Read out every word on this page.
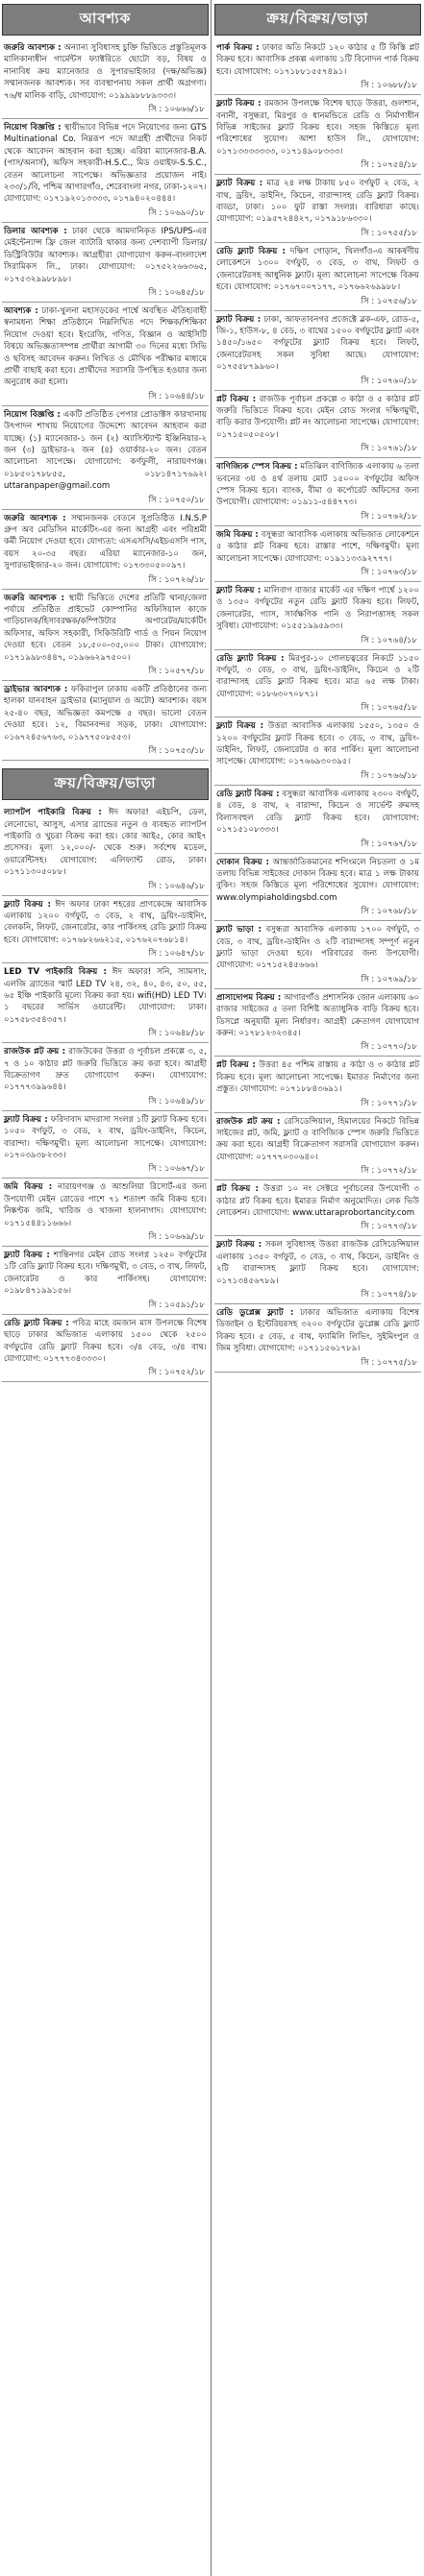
আবশ্যক
জরুরি আবশ্যক : অন্যান্য সুবিধাসহ চুক্তি ভিত্তিতে প্রস্তুতিমূলক মালিকানাধীন গার্মেন্টস ফ্যাক্টরিতে ছোটো বড়, বিষয় ও নানাবিধ ক্রয় ম্যানেজার ও সুপারভাইজার (দক্ষ/অভিজ্ঞ) সম্মানজনক আবশ্যক। সব ব্যবস্থাপনায় সকল প্রার্থী অগ্রগণ্য। ৭৬/ধ মালিক বাড়ি, যোগাযোগ: ০১৯৯৯৮৮৮৯৩৩৩।
সি : ১০৬৬৬/১৮
নিয়োগ বিজ্ঞপ্তি : স্থায়ীভাবে বিভিন্ন পদে নিয়োগের জন্য GTS Multinational Co. নিম্নরূপ পদে আগ্রহী প্রার্থীদের নিকট থেকে আবেদন আহবান করা হচ্ছে। এরিয়া ম্যানেজার-B.A. (পাস/অনার্স), অফিস সহকারী-H.S.C., মিড ওয়াইফ-S.S.C., বেতন আলোচনা সাপেক্ষে। অভিজ্ঞতার প্রয়োজন নাই। ২৩৩/১/বি, পশ্চিম আগারগাঁও, শেরেবাংলা নগর, ঢাকা-১২০৭। যোগাযোগ: ০১৭১৯২০১৩৩৩৩, ০১৭৯৪০২০৪৪৪।
সি : ১০৬৯০/১৮
ডিলার আবশ্যক : ঢাকা থেকে আমদানিকৃত IPS/UPS-এর মেইন্টেন্যান্স ফ্রি জেল ব্যাটারি থাকার জন্য দেশব্যাপী ডিলার/ডিস্ট্রিবিউটর আবশ্যক। আগ্রহীরা যোগাযোগ করুন-বাংলাদেশ সিরামিকস লি., ঢাকা। যোগাযোগ: ০১৭৫২২৬৬৩৬৫, ০১৭৫৩২৯৯৮৮৯৮।
সি : ১০৬৪৫/১৮
আবশ্যক : ঢাকা-খুলনা মহাসড়কের পার্শ্বে অবস্থিত ঐতিহ্যবাহী স্বনামধন্য শিক্ষা প্রতিষ্ঠানে নিম্নলিখিত পদে শিক্ষক/শিক্ষিকা নিয়োগ দেওয়া হবে। ইংরেজি, গণিত, বিজ্ঞান ও আইসিটি বিষয়ে অভিজ্ঞতাসম্পন্ন প্রার্থীরা আগামী ৩০ দিনের মধ্যে সিভি ও ছবিসহ আবেদন করুন। লিখিত ও মৌখিক পরীক্ষার মাধ্যমে প্রার্থী বাছাই করা হবে। প্রার্থীদের সরাসরি উপস্থিত হওয়ার জন্য অনুরোধ করা হলো।
সি : ১০৬৪৪/১৮
নিয়োগ বিজ্ঞপ্তি : একটি প্রতিষ্ঠিত পেপার প্রোডাক্টস কারখানায় উৎপাদন শাখায় নিয়োগের উদ্দেশ্যে আবেদন আহবান করা যাচ্ছে। (১) ম্যানেজার-১ জন (২) অ্যাসিস্ট্যান্ট ইঞ্জিনিয়ার-২ জন (৩) ড্রাইভার-২ জন (৪) ওয়ার্কার-২০ জন। বেতন আলোচনা সাপেক্ষে। যোগাযোগ: কর্ণফুলী, নারায়ণগঞ্জ। ০১৮৫০১৭৮৮৫৫, ০১৮১৪৭১৭৬৯২। uttaranpaper@gmail.com
সি : ১০৭৫০/১৮
জরুরি আবশ্যক : সম্মানজনক বেতনে সুপ্রতিষ্ঠিত I.N.S.P গ্রুপ অব মেডিসিন মার্কেটিং-এর জন্য আগ্রহী এবং পরিশ্রমী কর্মী নিয়োগ দেওয়া হবে। যোগ্যতা: এসএসসি/এইচএসসি পাস, বয়স ২০-৩৫ বছর। এরিয়া ম্যানেজার-১০ জন, সুপারভাইজার-২০ জন। যোগাযোগ: ০১৭৩৩০৫০০৯৭।
সি : ১০৭২৬/১৮
জরুরি আবশ্যক : স্থায়ী ভিত্তিতে দেশের প্রতিটি থানা/জেলা পর্যায়ে প্রতিষ্ঠিত প্রাইভেট কোম্পানির অফিসিয়াল কাজে গাড়িচালক/হিসাবরক্ষক/কম্পিউটার অপারেটর/মার্কেটিং অফিসার, অফিস সহকারী, সিকিউরিটি গার্ড ও পিয়ন নিয়োগ দেওয়া হবে। বেতন ১৮,৫০০-৩৫,০০০ টাকা। যোগাযোগ: ০১৭১৯৯৮৩৪৪৭, ০১৯৬৬২৯৭৫০০।
সি : ১০৫৭৭/১৮
ড্রাইভার আবশ্যক : ফকিরাপুল ঢাকায় একটি প্রতিষ্ঠানের জন্য হালকা যানবাহন ড্রাইভার (ম্যানুয়াল ও অটো) আবশ্যক। বয়স ২৫-৪০ বছর, অভিজ্ঞতা কমপক্ষে ৫ বছর। ভালো বেতন দেওয়া হবে। ১২, বিমানবন্দর সড়ক, ঢাকা। যোগাযোগ: ০১৬৭২৪৫৬৭৬৩, ০১৯৭৭৫০৮৫৫৩।
সি : ১০৭৫৩/১৮
ক্রয়/বিক্রয়/ভাড়া
ল্যাপটপ পাইকারি বিক্রয় : ঈদ অফার! এইচপি, ডেল, লেনোভো, আসুস, এসার ব্র্যান্ডের নতুন ও ব্যবহৃত ল্যাপটপ পাইকারি ও খুচরা বিক্রয় করা হয়। কোর আই৫, কোর আই৭ প্রসেসর। মূল্য ১২,০০০/- থেকে শুরু। সর্বশেষ মডেল, ওয়ারেন্টিসহ। যোগাযোগ: এলিফ্যান্ট রোড, ঢাকা। ০১৭১১৩০৫০৮৮।
সি : ১০৬৪৬/১৮
ফ্ল্যাট বিক্রয় : ঈদ অফার ঢাকা শহরের প্রাণকেন্দ্রে আবাসিক এলাকায় ১২০০ বর্গফুট, ৩ বেড, ২ বাথ, ড্রয়িং-ডাইনিং, বেলকনি, লিফট, জেনারেটর, কার পার্কিংসহ রেডি ফ্ল্যাট বিক্রয় হবে। যোগাযোগ: ০১৭৬৮২৬৬২১৫, ০১৭৬২০৭৬৮১৪।
সি : ১০৬৪৭/১৮
LED TV পাইকারি বিক্রয় : ঈদ অফার! সনি, স্যামসাং, এলজি ব্র্যান্ডের স্মার্ট LED TV ২৪, ৩২, ৪০, ৪৩, ৫০, ৫৫, ৬৫ ইঞ্চি পাইকারি মূল্যে বিক্রয় করা হয়। wifi(HD) LED TV। ১ বছরের সার্ভিস ওয়ারেন্টি। যোগাযোগ: ঢাকা। ০১৭৫৮৩৫৪৩৫৭।
সি : ১০৬৪৮/১৮
রাজউক প্লট ক্রয় : রাজউকের উত্তরা ও পূর্বাচল প্রকল্পে ৩, ৫, ৭ ও ১০ কাঠার প্লট জরুরি ভিত্তিতে ক্রয় করা হবে। আগ্রহী বিক্রেতাগণ দ্রুত যোগাযোগ করুন। যোগাযোগ: ০১৭৭৭৩৯৯৬৪৪।
সি : ১০৬৪৯/১৮
ফ্ল্যাট বিক্রয় : ফরিদাবাদ মাদরাসা সংলগ্ন ১টি ফ্ল্যাট বিক্রয় হবে। ১০৫০ বর্গফুট, ৩ বেড, ২ বাথ, ড্রয়িং-ডাইনিং, কিচেন, বারান্দা। দক্ষিণমুখী। মূল্য আলোচনা সাপেক্ষে। যোগাযোগ: ০১৭০৩৯৩৮২৩৩।
সি : ১০৬৬৭/১৮
জমি বিক্রয় : নারায়ণগঞ্জ ও আশুলিয়া রিসোর্ট-এর জন্য উপযোগী মেইন রোডের পাশে ৭১ শতাংশ জমি বিক্রয় হবে। নিষ্কণ্টক জমি, খারিজ ও খাজনা হালনাগাদ। যোগাযোগ: ০১৭১৫৪৪১১৬৬৬।
সি : ১০৬৬৯/১৮
ফ্ল্যাট বিক্রয় : শান্তিনগর মেইন রোড সংলগ্ন ১২৫০ বর্গফুটের ১টি রেডি ফ্ল্যাট বিক্রয় হবে। দক্ষিণমুখী, ৩ বেড, ৩ বাথ, লিফট, জেনারেটর ও কার পার্কিংসহ। যোগাযোগ: ০১৯৮৪৭১৯৯১৫৬।
সি : ১০৫৯১/১৮
রেডি ফ্ল্যাট বিক্রয় : পবিত্র মাহে রমজান মাস উপলক্ষে বিশেষ ছাড়ে ঢাকার অভিজাত এলাকায় ১৫০০ থেকে ২৫০০ বর্গফুটের রেডি ফ্ল্যাট বিক্রয় হবে। ৩/৪ বেড, ৩/৪ বাথ। যোগাযোগ: ০১৭৭৭৩৪৩৩৩০।
সি : ১০৭৫২/১৮
ক্রয়/বিক্রয়/ভাড়া
পার্ক বিক্রয় : ঢাকার অতি নিকটে ১২০ কাঠার ৫ টি কিস্তি প্লট বিক্রয় হবে। আবাসিক প্রকল্প এলাকায় ১টি বিনোদন পার্ক বিক্রয় হবে। যোগাযোগ: ০১৭১৮৮১৫৫৭৪৯১।
সি : ১০৬৮৮/১৮
ফ্ল্যাট বিক্রয় : রমজান উপলক্ষে বিশেষ ছাড়ে উত্তরা, গুলশান, বনানী, বসুন্ধরা, মিরপুর ও ধানমন্ডিতে রেডি ও নির্মাণাধীন বিভিন্ন সাইজের ফ্ল্যাট বিক্রয় হবে। সহজ কিস্তিতে মূল্য পরিশোধের সুযোগ। আশা হাউস লি., যোগাযোগ: ০১৭১৩৩৩৩৩৩৩, ০১৭১৪৯০৮৩৩৩।
সি : ১০৭৫৪/১৮
ফ্ল্যাট বিক্রয় : মাত্র ২৪ লক্ষ টাকায় ৮৫০ বর্গফুট ২ বেড, ২ বাথ, ড্রয়িং, ডাইনিং, কিচেন, বারান্দাসহ রেডি ফ্ল্যাট বিক্রয়। বাড্ডা, ঢাকা। ১০০ ফুট রাস্তা সংলগ্ন। বারিধারা কাছে। যোগাযোগ: ০১৯৫৭২৪৪২৭, ০১৭৯১৮৬৩৩০।
সি : ১০৭৫৫/১৮
রেডি ফ্ল্যাট বিক্রয় : দক্ষিণ গোড়ান, খিলগাঁও-এ আকর্ষণীয় লোকেশনে ১৩০০ বর্গফুট, ৩ বেড, ৩ বাথ, লিফট ও জেনারেটরসহ আধুনিক ফ্ল্যাট। মূল্য আলোচনা সাপেক্ষে বিক্রয় হবে। যোগাযোগ: ০১৭৬৭০০৭১৭৭, ০১৭৬৬২৬৯৯৮৮।
সি : ১০৭৫৬/১৮
ফ্ল্যাট বিক্রয় : ঢাকা, আফতাবনগর প্রজেক্টে ব্লক-এফ, রোড-৫, জি-১, হাউস-৮, ৪ বেড, ৩ বাথের ১৫০০ বর্গফুটের ফ্ল্যাট এবং ১৪৫০/১৬৫০ বর্গফুটের ফ্ল্যাট বিক্রয় হবে। লিফট, জেনারেটরসহ সকল সুবিধা আছে। যোগাযোগ: ০১৭৫৫৮৭৯৯৬০।
সি : ১০৭৬০/১৮
প্লট বিক্রয় : রাজউক পূর্বাচল প্রকল্পে ৩ কাঠা ও ৫ কাঠার প্লট জরুরি ভিত্তিতে বিক্রয় হবে। মেইন রোড সংলগ্ন দক্ষিণমুখী, বাড়ি করার উপযোগী। প্লট নং আলোচনা সাপেক্ষে। যোগাযোগ: ০১৭১৫০৫০৫০৮।
সি : ১০৭৬১/১৮
বাণিজ্যিক স্পেস বিক্রয় : মতিঝিল বাণিজ্যিক এলাকায় ৬ তলা ভবনের ৩য় ও ৪র্থ তলায় মোট ১৫০০০ বর্গফুটের অফিস স্পেস বিক্রয় হবে। ব্যাংক, বীমা ও কর্পোরেট অফিসের জন্য উপযোগী। যোগাযোগ: ০১৯১১-৫৪৪৭৭৩।
সি : ১০৭৬২/১৮
জমি বিক্রয় : বসুন্ধরা আবাসিক এলাকায় অভিজাত লোকেশনে ৫ কাঠার প্লট বিক্রয় হবে। রাস্তার পাশে, দক্ষিণমুখী। মূল্য আলোচনা সাপেক্ষে। যোগাযোগ: ০১৯১১৩৩৯২৭৭৭।
সি : ১০৭৬৩/১৮
ফ্ল্যাট বিক্রয় : মালিবাগ বাজার মার্কেট এর দক্ষিণ পার্শ্বে ১২০০ ও ১৩৫০ বর্গফুটের নতুন রেডি ফ্ল্যাট বিক্রয় হবে। লিফট, জেনারেটর, গ্যাস, সার্বক্ষণিক পানি ও নিরাপত্তাসহ সকল সুবিধা। যোগাযোগ: ০১৫৫১৯৯৫৯৩৩।
সি : ১০৭৬৪/১৮
রেডি ফ্ল্যাট বিক্রয় : মিরপুর-১০ গোলচত্বরের নিকটে ১১৫০ বর্গফুট, ৩ বেড, ৩ বাথ, ড্রয়িং-ডাইনিং, কিচেন ও ২টি বারান্দাসহ রেডি ফ্ল্যাট বিক্রয় হবে। মাত্র ৬৫ লক্ষ টাকা। যোগাযোগ: ০১৮৬৩০৭০৮৭১।
সি : ১০৭৬৫/১৮
ফ্ল্যাট বিক্রয় : উত্তরা আবাসিক এলাকায় ১৫৫০, ১৩৫০ ও ১২০০ বর্গফুটের ফ্ল্যাট বিক্রয় হবে। ৩ বেড, ৩ বাথ, ড্রয়িং-ডাইনিং, লিফট, জেনারেটর ও কার পার্কিং। মূল্য আলোচনা সাপেক্ষে। যোগাযোগ: ০১৭৬৬৯৩০৩৯৫।
সি : ১০৭৬৬/১৮
রেডি ফ্ল্যাট বিক্রয় : বসুন্ধরা আবাসিক এলাকায় ২৩০০ বর্গফুট, ৪ বেড, ৪ বাথ, ২ বারান্দা, কিচেন ও সার্ভেন্ট রুমসহ বিলাসবহুল রেডি ফ্ল্যাট বিক্রয় হবে। যোগাযোগ: ০১৭১৫১০৮৩৩৩।
সি : ১০৭৬৭/১৮
দোকান বিক্রয় : আন্তর্জাতিকমানের শপিংমলে নিচতলা ও ১ম তলায় বিভিন্ন সাইজের দোকান বিক্রয় হবে। মাত্র ১ লক্ষ টাকায় বুকিং। সহজ কিস্তিতে মূল্য পরিশোধের সুযোগ। যোগাযোগ: www.olympiaholdingsbd.com
সি : ১০৭৬৮/১৮
ফ্ল্যাট ভাড়া : বসুন্ধরা আবাসিক এলাকায় ১৭০০ বর্গফুট, ৩ বেড, ৩ বাথ, ড্রয়িং-ডাইনিং ও ২টি বারান্দাসহ সম্পূর্ণ নতুন ফ্ল্যাট ভাড়া দেওয়া হবে। পরিবারের জন্য উপযোগী। যোগাযোগ: ০১৭১৫২৪৫৬৬৬।
সি : ১০৭৬৯/১৮
প্রাসাদোপম বিক্রয় : আগারগাঁও প্রশাসনিক জোন এলাকায় ৬০ রাজার সাইজের ৫ তলা বিশিষ্ট অত্যাধুনিক বাড়ি বিক্রয় হবে। ডিসপ্লে অনুযায়ী মূল্য নির্ধারণ। আগ্রহী ক্রেতাগণ যোগাযোগ করুন: ০১৭৮১২৩২৩৪৫।
সি : ১০৭৭০/১৮
প্লট বিক্রয় : উত্তরা ৪৫ পশ্চিম রাস্তায় ৫ কাঠা ও ৩ কাঠার প্লট বিক্রয় হবে। মূল্য আলোচনা সাপেক্ষে। ইমারত নির্মাণের জন্য প্রস্তুত। যোগাযোগ: ০১৭১৮৮৪৩৬৯১।
সি : ১০৭৭১/১৮
রাজউক প্লট ক্রয় : রেসিডেন্সিয়াল, হিমালয়ের নিকটে বিভিন্ন সাইজের প্লট, জমি, ফ্ল্যাট ও বাণিজ্যিক স্পেস জরুরি ভিত্তিতে ক্রয় করা হবে। আগ্রহী বিক্রেতাগণ সরাসরি যোগাযোগ করুন। যোগাযোগ: ০১৭৭৭০৩০৬৪০।
সি : ১০৭৭২/১৮
প্লট বিক্রয় : উত্তরা ১০ নং সেক্টরে পূর্বাচলের উপযোগী ৩ কাঠার প্লট বিক্রয় হবে। ইমারত নির্মাণ অনুমোদিত। লেক ভিউ লোকেশন। যোগাযোগ: www.uttaraprobortancity.com
সি : ১০৭৭৩/১৮
ফ্ল্যাট বিক্রয় : সকল সুবিধাসহ উত্তরা রাজউক রেসিডেন্সিয়াল এলাকায় ১৩৫০ বর্গফুট, ৩ বেড, ৩ বাথ, কিচেন, ডাইনিং ও ২টি বারান্দাসহ ফ্ল্যাট বিক্রয় হবে। যোগাযোগ: ০১৭১৩৪৫৬৭৮৯।
সি : ১০৭৭৪/১৮
রেডি ডুপ্লেক্স ফ্ল্যাট : ঢাকার অভিজাত এলাকায় বিশেষ ডিজাইন ও ইন্টেরিয়রসহ ৩২০০ বর্গফুটের ডুপ্লেক্স রেডি ফ্ল্যাট বিক্রয় হবে। ৫ বেড, ৫ বাথ, ফ্যামিলি লিভিং, সুইমিংপুল ও জিম সুবিধা। যোগাযোগ: ০১৭১১৫৬১৭৮৯।
সি : ১০৭৭৫/১৮
